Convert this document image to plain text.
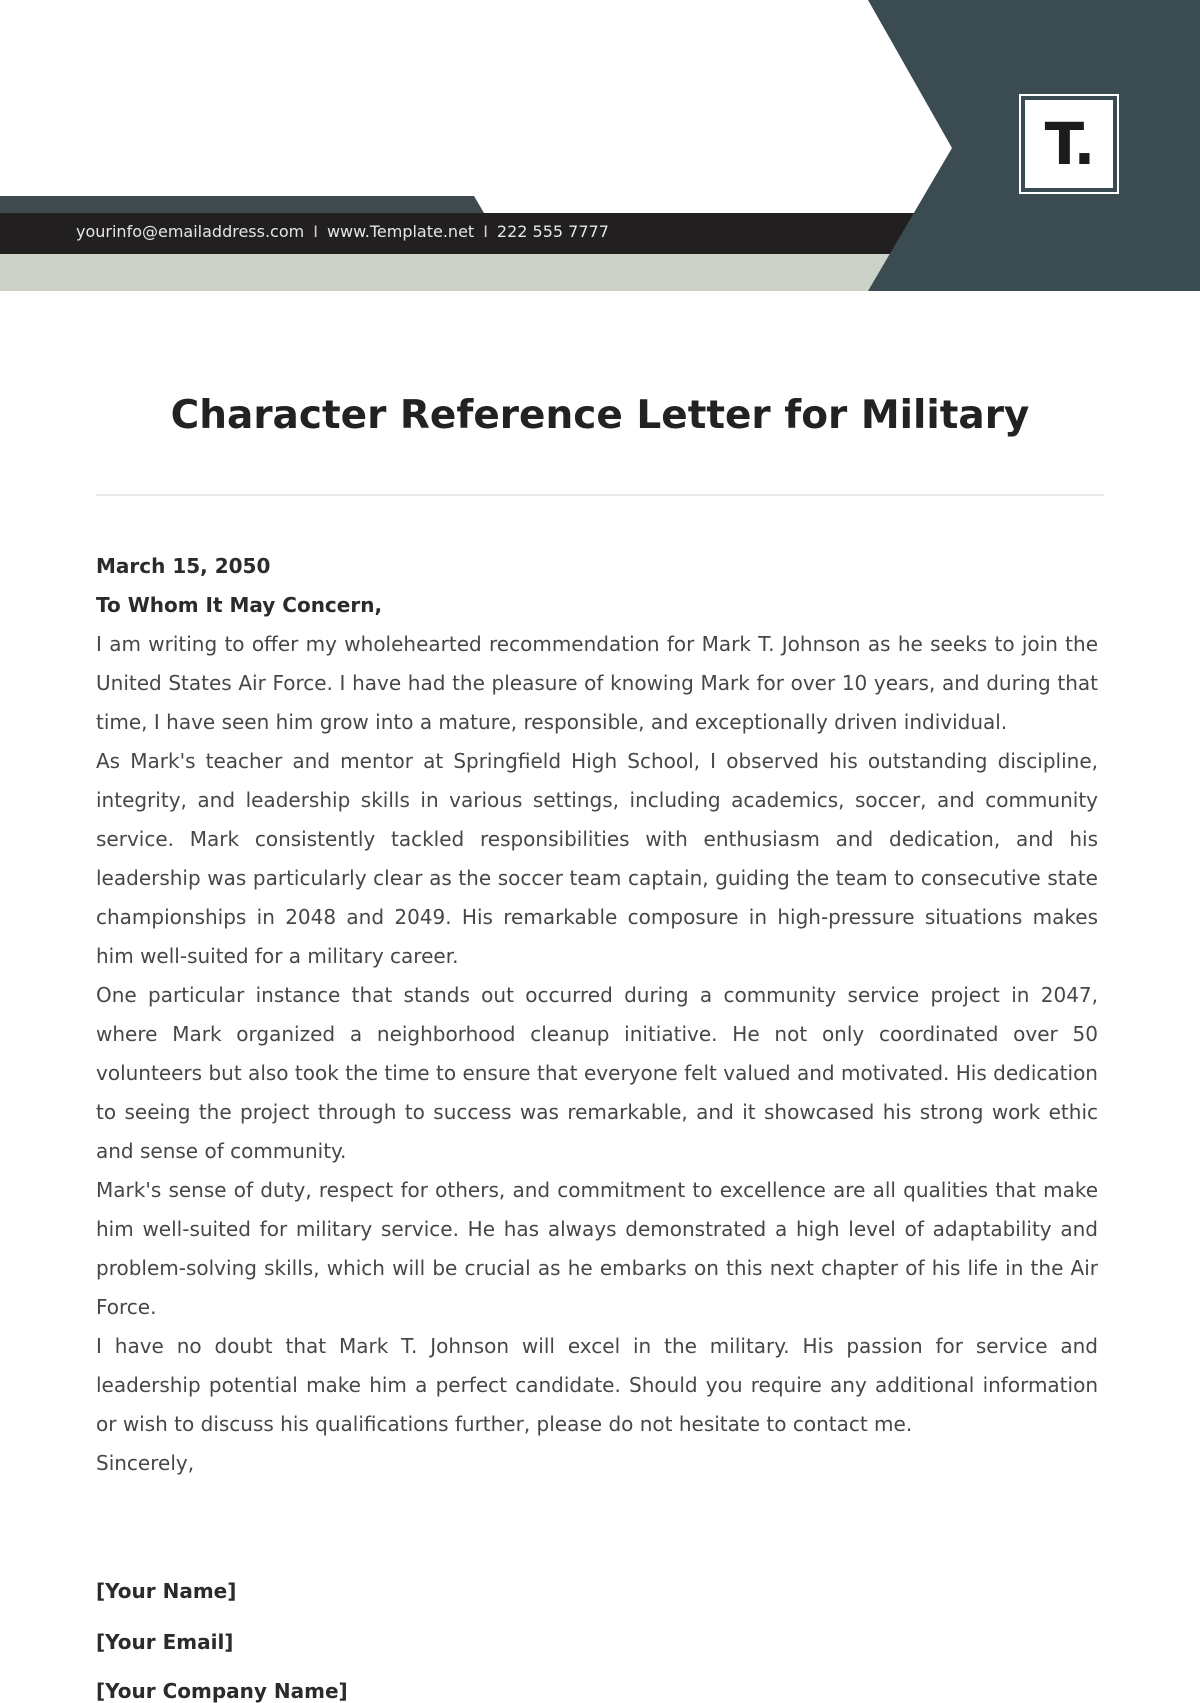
yourinfo@emailaddress.com I www.Template.net I 222 555 7777
T.
Character Reference Letter for Military

March 15, 2050

To Whom It May Concern,

I am writing to offer my wholehearted recommendation for Mark T. Johnson as he seeks to join the United States Air Force. I have had the pleasure of knowing Mark for over 10 years, and during that time, I have seen him grow into a mature, responsible, and exceptionally driven individual.

As Mark's teacher and mentor at Springfield High School, I observed his outstanding discipline, integrity, and leadership skills in various settings, including academics, soccer, and community service. Mark consistently tackled responsibilities with enthusiasm and dedication, and his leadership was particularly clear as the soccer team captain, guiding the team to consecutive state championships in 2048 and 2049. His remarkable composure in high-pressure situations makes him well-suited for a military career.

One particular instance that stands out occurred during a community service project in 2047, where Mark organized a neighborhood cleanup initiative. He not only coordinated over 50 volunteers but also took the time to ensure that everyone felt valued and motivated. His dedication to seeing the project through to success was remarkable, and it showcased his strong work ethic and sense of community.

Mark's sense of duty, respect for others, and commitment to excellence are all qualities that make him well-suited for military service. He has always demonstrated a high level of adaptability and problem-solving skills, which will be crucial as he embarks on this next chapter of his life in the Air Force.

I have no doubt that Mark T. Johnson will excel in the military. His passion for service and leadership potential make him a perfect candidate. Should you require any additional information or wish to discuss his qualifications further, please do not hesitate to contact me.

Sincerely,

[Your Name]
[Your Email]
[Your Company Name]
